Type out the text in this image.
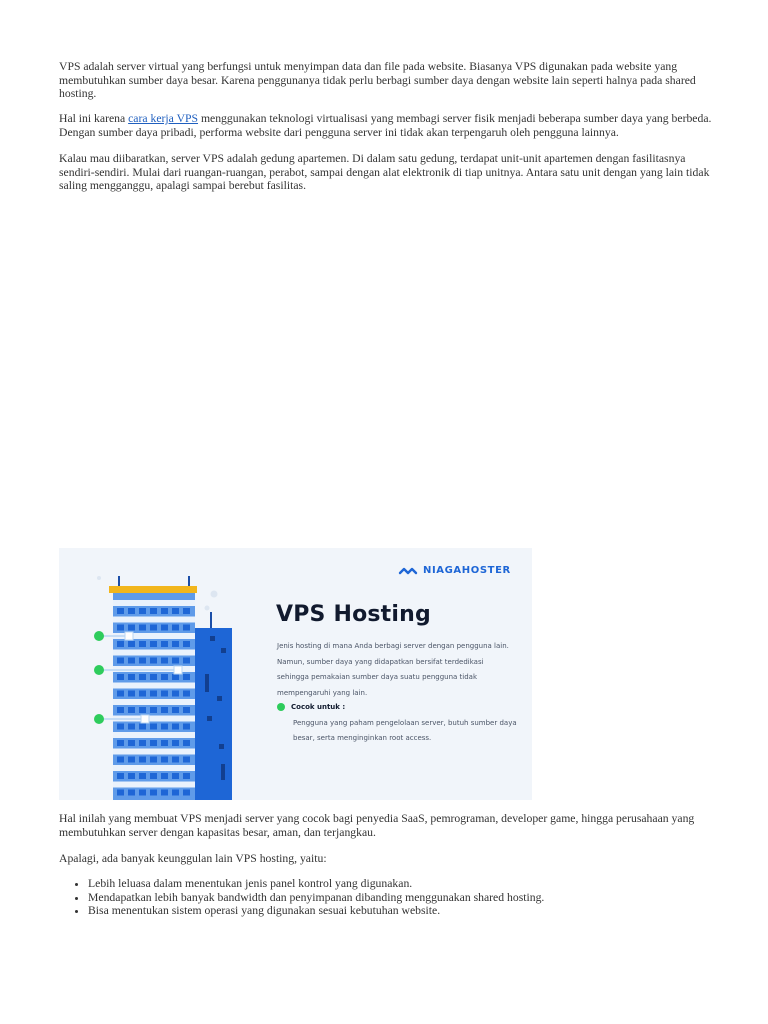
VPS adalah server virtual yang berfungsi untuk menyimpan data dan file pada website. Biasanya VPS digunakan pada website yang membutuhkan sumber daya besar. Karena penggunanya tidak perlu berbagi sumber daya dengan website lain seperti halnya pada shared hosting.

Hal ini karena cara kerja VPS menggunakan teknologi virtualisasi yang membagi server fisik menjadi beberapa sumber daya yang berbeda. Dengan sumber daya pribadi, performa website dari pengguna server ini tidak akan terpengaruh oleh pengguna lainnya.

Kalau mau diibaratkan, server VPS adalah gedung apartemen. Di dalam satu gedung, terdapat unit-unit apartemen dengan fasilitasnya sendiri-sendiri. Mulai dari ruangan-ruangan, perabot, sampai dengan alat elektronik di tiap unitnya. Antara satu unit dengan yang lain tidak saling mengganggu, apalagi sampai berebut fasilitas.

NIAGAHOSTER
VPS Hosting

Jenis hosting di mana Anda berbagi server dengan pengguna lain. Namun, sumber daya yang didapatkan bersifat terdedikasi sehingga pemakaian sumber daya suatu pengguna tidak mempengaruhi yang lain.

Cocok untuk :

Pengguna yang paham pengelolaan server, butuh sumber daya besar, serta menginginkan root access.

Hal inilah yang membuat VPS menjadi server yang cocok bagi penyedia SaaS, pemrograman, developer game, hingga perusahaan yang membutuhkan server dengan kapasitas besar, aman, dan terjangkau.

Apalagi, ada banyak keunggulan lain VPS hosting, yaitu:

• Lebih leluasa dalam menentukan jenis panel kontrol yang digunakan.
• Mendapatkan lebih banyak bandwidth dan penyimpanan dibanding menggunakan shared hosting.
• Bisa menentukan sistem operasi yang digunakan sesuai kebutuhan website.
